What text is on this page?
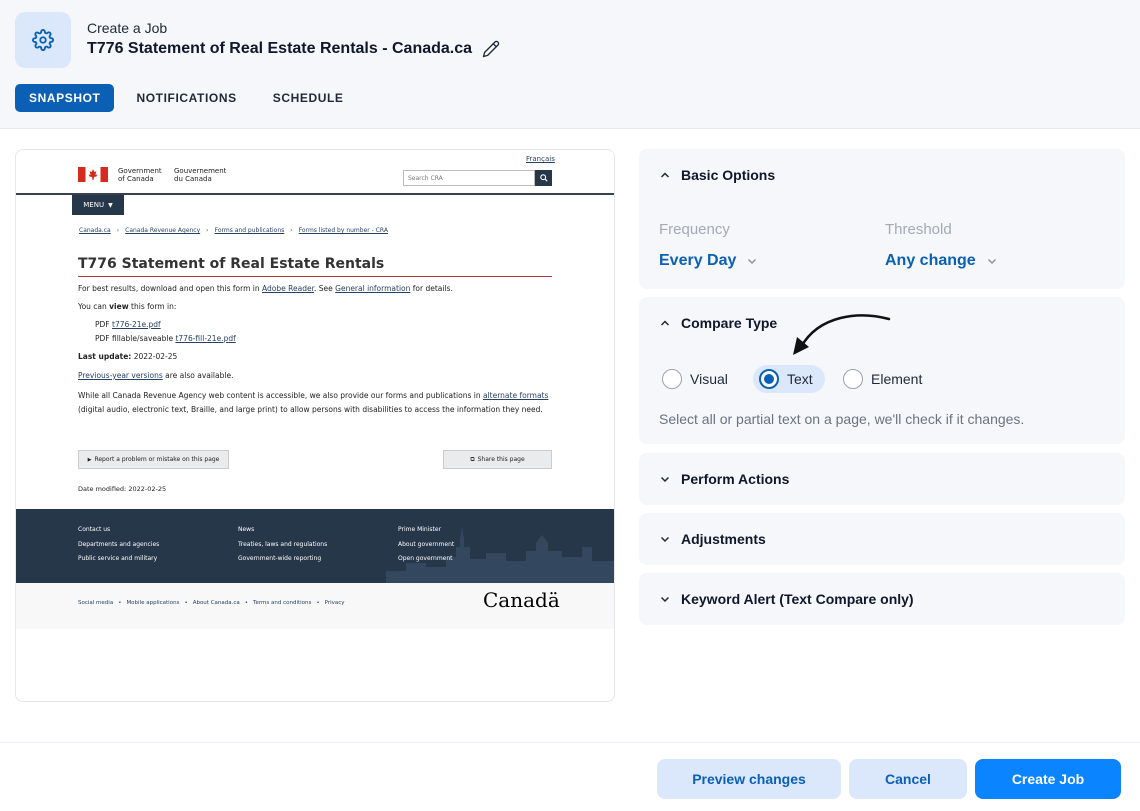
Create a Job
T776 Statement of Real Estate Rentals - Canada.ca
SNAPSHOT	NOTIFICATIONS	SCHEDULE
Français
Government
of Canada
Gouvernement
du Canada	Search CRA
MENU ▼
Canada.ca › Canada Revenue Agency › Forms and publications › Forms listed by number - CRA
T776 Statement of Real Estate Rentals
For best results, download and open this form in Adobe Reader. See General information for details.
You can view this form in:
PDF t776-21e.pdf
PDF fillable/saveable t776-fill-21e.pdf
Last update: 2022-02-25
Previous-year versions are also available.
While all Canada Revenue Agency web content is accessible, we also provide our forms and publications in alternate formats (digital audio, electronic text, Braille, and large print) to allow persons with disabilities to access the information they need.
▶ Report a problem or mistake on this page	⧉ Share this page
Date modified: 2022-02-25
Contact us
Departments and agencies
Public service and military
News
Treaties, laws and regulations
Government-wide reporting
Prime Minister
About government
Open government
Social media • Mobile applications • About Canada.ca • Terms and conditions • Privacy	Canadä
Basic Options
Frequency
Every Day
Threshold
Any change
Compare Type
Select all or partial text on a page, we'll check if it changes.
Visual	Text	Element
Perform Actions
Adjustments
Keyword Alert (Text Compare only)
Preview changes	Cancel	Create Job
